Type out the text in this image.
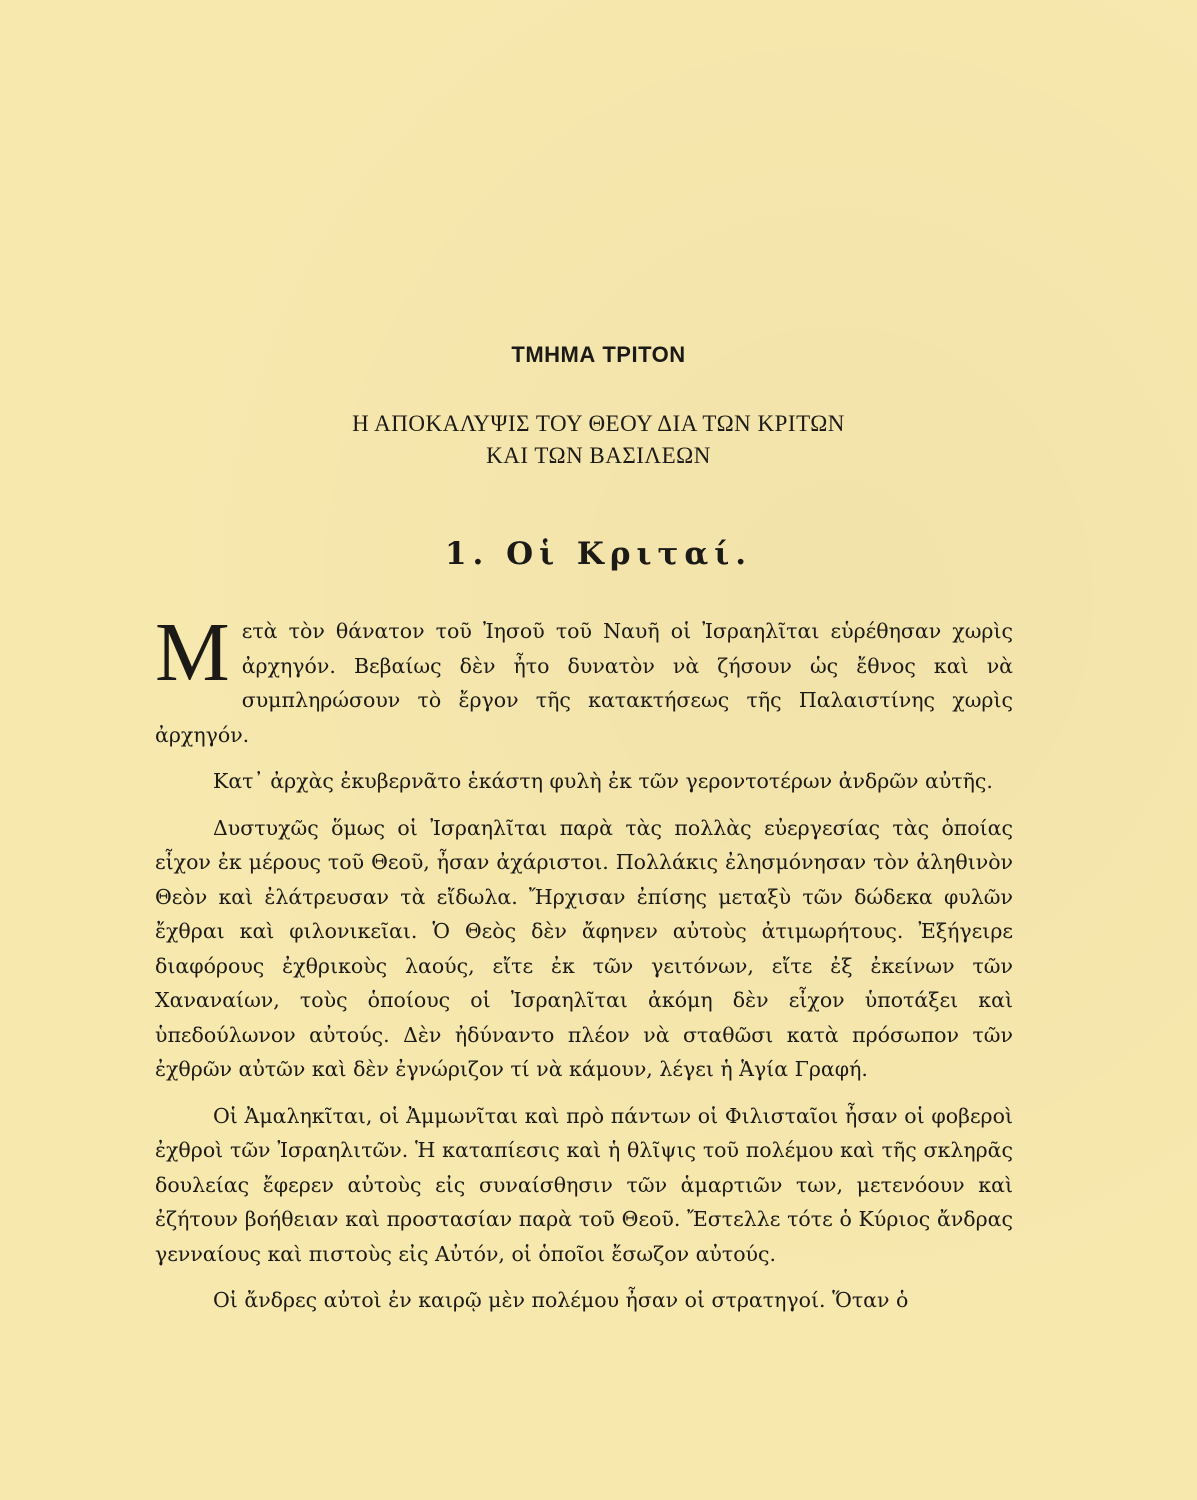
ΤΜΗΜΑ ΤΡΙΤΟΝ
Η ΑΠΟΚΑΛΥΨΙΣ ΤΟΥ ΘΕΟΥ ΔΙΑ ΤΩΝ ΚΡΙΤΩΝ
ΚΑΙ ΤΩΝ ΒΑΣΙΛΕΩΝ
1. Οἱ Κριταί.

Μετὰ τὸν θάνατον τοῦ Ἰησοῦ τοῦ Ναυῆ οἱ Ἰσραηλῖται εὑρέθησαν χωρὶς ἀρχηγόν. Βεβαίως δὲν ἦτο δυνατὸν νὰ ζήσουν ὡς ἔθνος καὶ νὰ συμπληρώσουν τὸ ἔργον τῆς κατακτήσεως τῆς Παλαιστίνης χωρὶς ἀρχηγόν.

Κατ᾽ ἀρχὰς ἐκυβερνᾶτο ἑκάστη φυλὴ ἐκ τῶν γεροντοτέρων ἀνδρῶν αὐτῆς.

Δυστυχῶς ὅμως οἱ Ἰσραηλῖται παρὰ τὰς πολλὰς εὐεργεσίας τὰς ὁποίας εἶχον ἐκ μέρους τοῦ Θεοῦ, ἦσαν ἀχάριστοι. Πολλάκις ἐλησμόνησαν τὸν ἀληθινὸν Θεὸν καὶ ἐλάτρευσαν τὰ εἴδωλα. Ἤρχισαν ἐπίσης μεταξὺ τῶν δώδεκα φυλῶν ἔχθραι καὶ φιλονικεῖαι. Ὁ Θεὸς δὲν ἄφηνεν αὐτοὺς ἀτιμωρήτους. Ἐξήγειρε διαφόρους ἐχθρικοὺς λαούς, εἴτε ἐκ τῶν γειτόνων, εἴτε ἐξ ἐκείνων τῶν Χαναναίων, τοὺς ὁποίους οἱ Ἰσραηλῖται ἀκόμη δὲν εἶχον ὑποτάξει καὶ ὑπεδούλωνον αὐτούς. Δὲν ἠδύναντο πλέον νὰ σταθῶσι κατὰ πρόσωπον τῶν ἐχθρῶν αὐτῶν καὶ δὲν ἐγνώριζον τί νὰ κάμουν, λέγει ἡ Ἁγία Γραφή.

Οἱ Ἀμαληκῖται, οἱ Ἀμμωνῖται καὶ πρὸ πάντων οἱ Φιλισταῖοι ἦσαν οἱ φοβεροὶ ἐχθροὶ τῶν Ἰσραηλιτῶν. Ἡ καταπίεσις καὶ ἡ θλῖψις τοῦ πολέμου καὶ τῆς σκληρᾶς δουλείας ἔφερεν αὐτοὺς εἰς συναίσθησιν τῶν ἁμαρτιῶν των, μετενόουν καὶ ἐζήτουν βοήθειαν καὶ προστασίαν παρὰ τοῦ Θεοῦ. Ἔστελλε τότε ὁ Κύριος ἄνδρας γενναίους καὶ πιστοὺς εἰς Αὐτόν, οἱ ὁποῖοι ἔσωζον αὐτούς.

Οἱ ἄνδρες αὐτοὶ ἐν καιρῷ μὲν πολέμου ἦσαν οἱ στρατηγοί. Ὅταν ὁ
